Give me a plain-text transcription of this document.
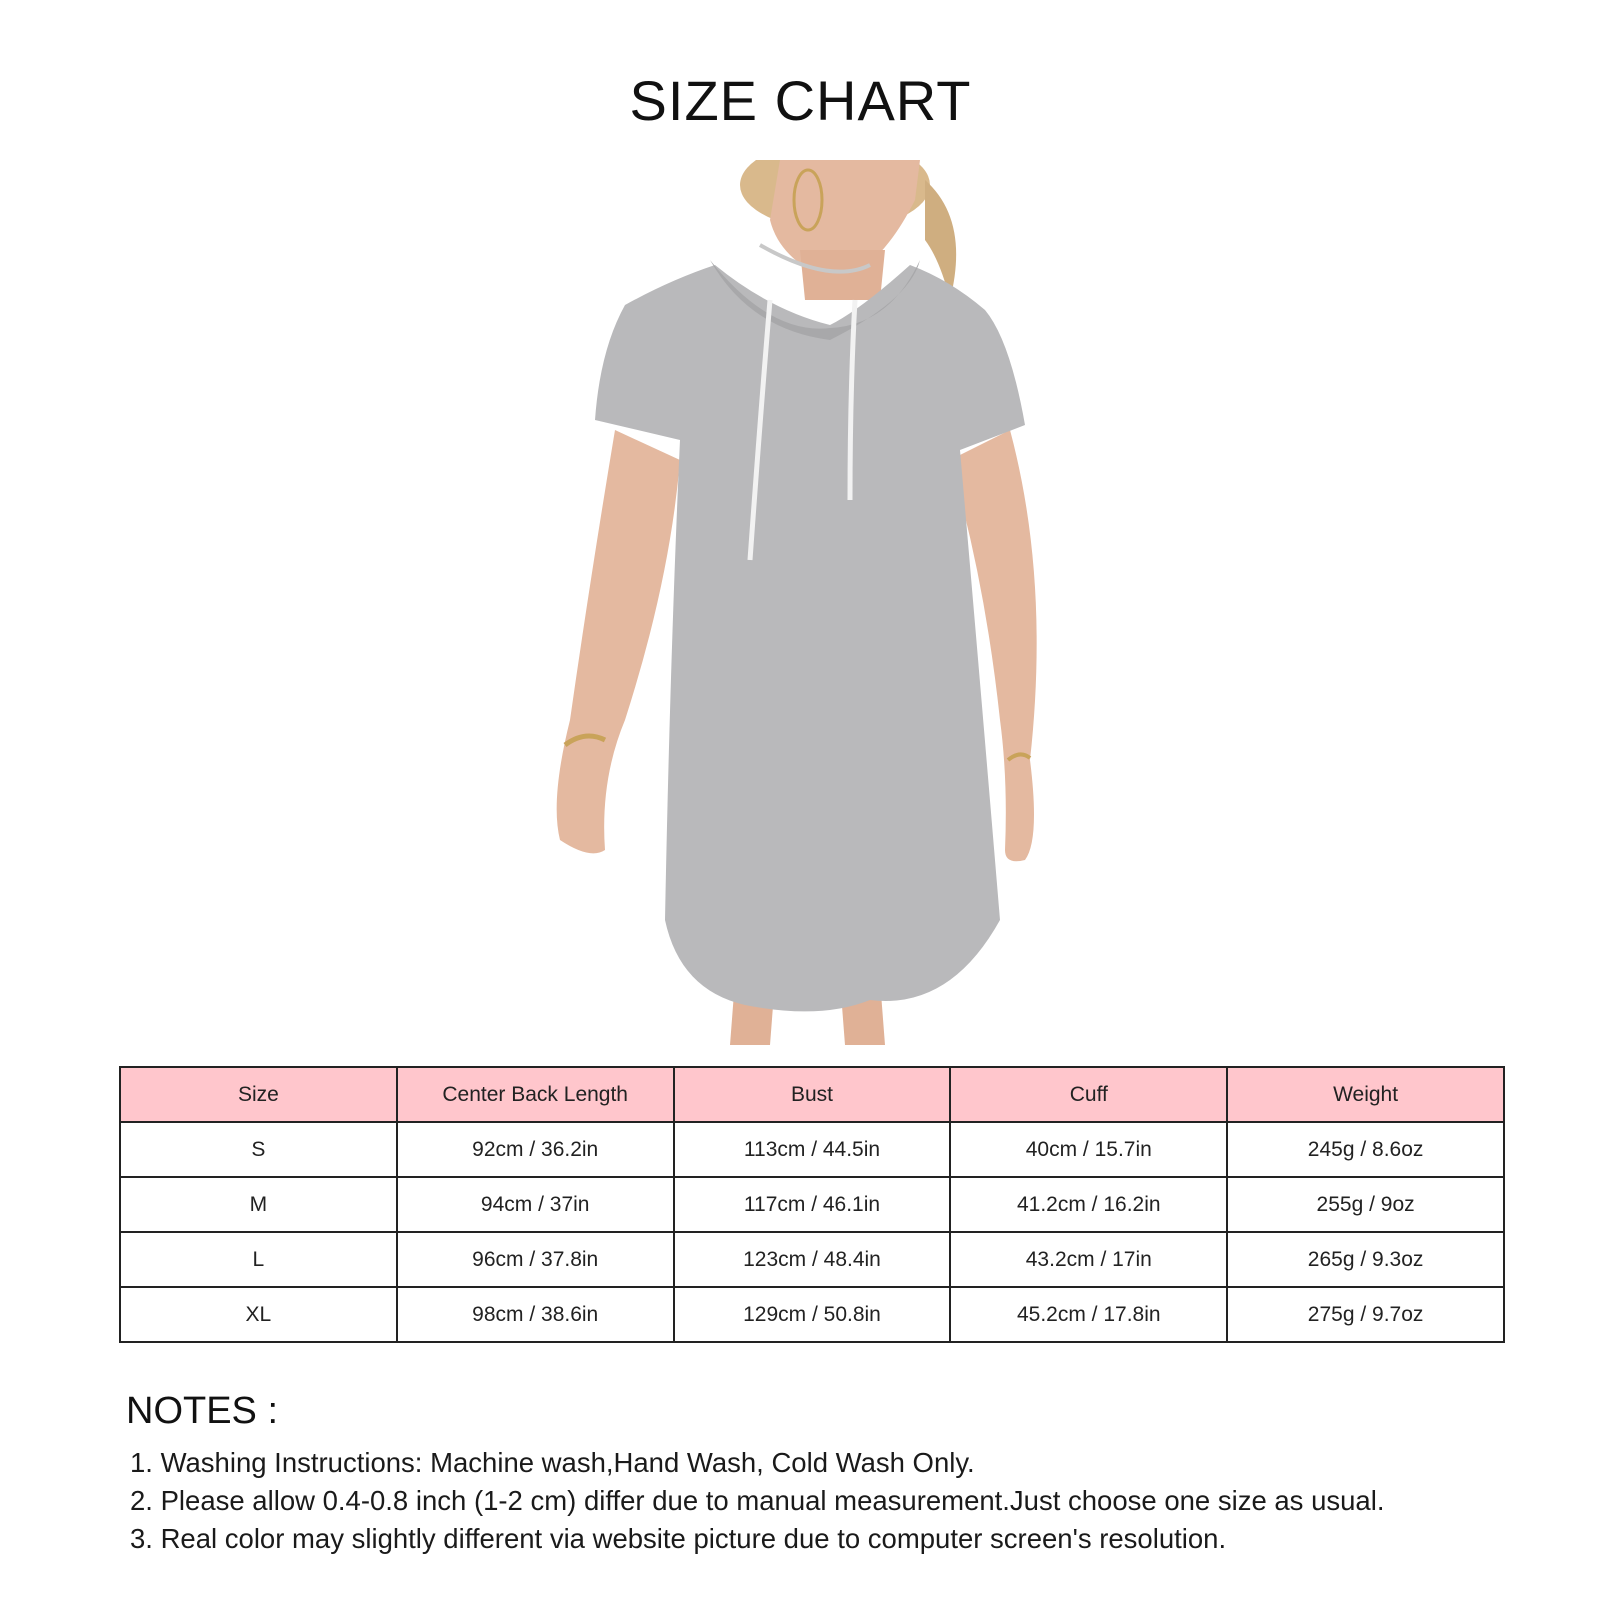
SIZE CHART
Size	Center Back Length	Bust	Cuff	Weight
S	92cm / 36.2in	113cm / 44.5in	40cm / 15.7in	245g / 8.6oz
M	94cm / 37in	117cm / 46.1in	41.2cm / 16.2in	255g / 9oz
L	96cm / 37.8in	123cm / 48.4in	43.2cm / 17in	265g / 9.3oz
XL	98cm / 38.6in	129cm / 50.8in	45.2cm / 17.8in	275g / 9.7oz
NOTES :
1. Washing Instructions: Machine wash,Hand Wash, Cold Wash Only.
2. Please allow 0.4-0.8 inch (1-2 cm) differ due to manual measurement.Just choose one size as usual.
3. Real color may slightly different via website picture due to computer screen's resolution.
